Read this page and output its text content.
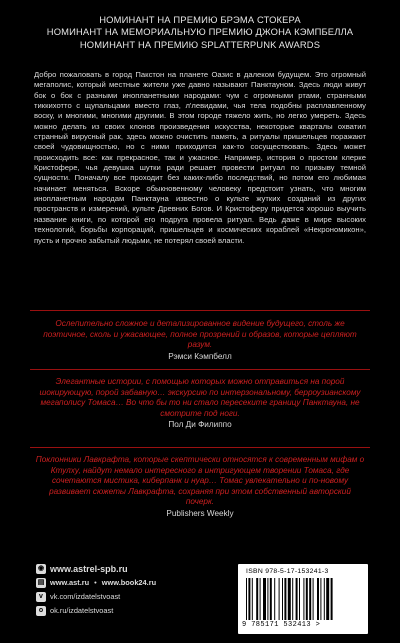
НОМИНАНТ НА ПРЕМИЮ БРЭМА СТОКЕРА
НОМИНАНТ НА МЕМОРИАЛЬНУЮ ПРЕМИЮ ДЖОНА КЭМПБЕЛЛА
НОМИНАНТ НА ПРЕМИЮ SPLATTERPUNK AWARDS

Добро пожаловать в город Пакстон на планете Оазис в далеком будущем. Это огромный мегаполис, который местные жители уже давно называют Панктауном. Здесь люди живут бок о бок с разными инопланетными народами: чум с огромными ртами, странными тиккихотто с щупальцами вместо глаз, л'левидами, чья тела подобны расплавленному воску, и многими, многими другими. В этом городе тяжело жить, но легко умереть. Здесь можно делать из своих клонов произведения искусства, некоторые кварталы охватил странный вирусный рак, здесь можно очистить память, а ритуалы пришельцев поражают своей чудовищностью, но с ними приходится как-то сосуществовать. Здесь может происходить все: как прекрасное, так и ужасное. Например, история о простом клерке Кристофере, чья девушка шутки ради решает провести ритуал по призыву темной сущности. Поначалу все проходит без каких-либо последствий, но потом его любимая начинает меняться. Вскоре обыкновенному человеку предстоит узнать, что многим инопланетным народам Панктауна известно о культе жутких созданий из других пространств и измерений, культе Древних Богов. И Кристоферу придется хорошо выучить название книги, по которой его подруга провела ритуал. Ведь даже в мире высоких технологий, борьбы корпораций, пришельцев и космических кораблей «Некрономикон», пусть и прочно забытый людьми, не потерял своей власти.

Ослепительно сложное и детализированное видение будущего, столь же поэтичное, сколь и ужасающее, полное прозрений и образов, которые цепляют разум.
Рэмси Кэмпбелл
Элегантные истории, с помощью которых можно отправиться на порой шокирующую, порой забавную… экскурсию по интерзональному, берроузианскому мегаполису Томаса… Во что бы то ни стало пересеките границу Панктауна, не смотрите под ноги.
Пол Ди Филиппо
Поклонники Лавкрафта, которые скептически относятся к современным мифам о Ктулху, найдут немало интересного в интригующем творении Томаса, где сочетаются мистика, киберпанк и нуар… Томас увлекательно и по-новому развивает сюжеты Лавкрафта, сохраняя при этом собственный авторский почерк.
Publishers Weekly
◉ www.astrel-spb.ru
▤ www.ast.ru • www.book24.ru
v vk.com/izdatelstvoast
o ok.ru/izdatelstvoast
ISBN 978-5-17-153241-3
9 785171 532413 >
